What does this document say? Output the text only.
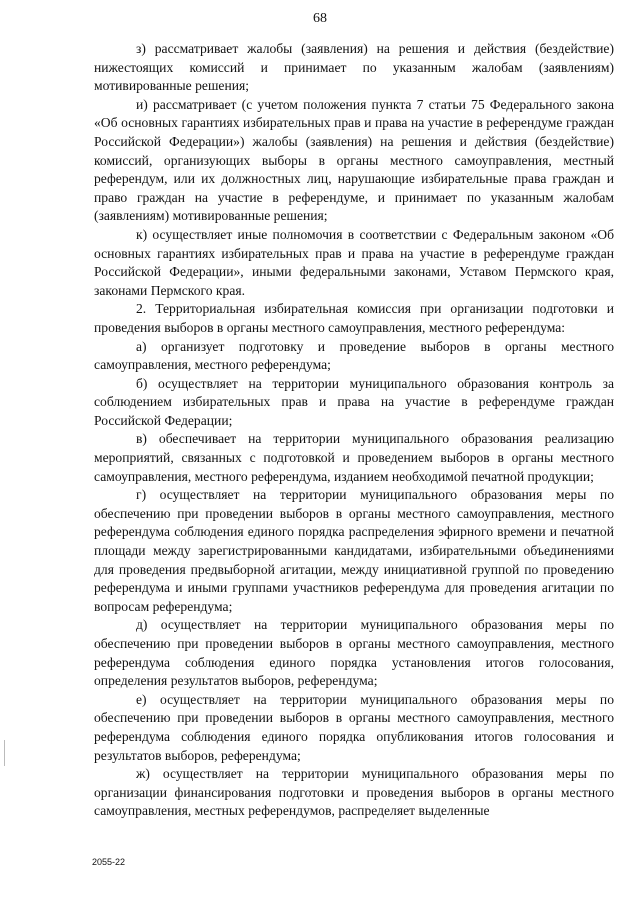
68

з) рассматривает жалобы (заявления) на решения и действия (бездействие) нижестоящих комиссий и принимает по указанным жалобам (заявлениям) мотивированные решения;

и) рассматривает (с учетом положения пункта 7 статьи 75 Федерального закона «Об основных гарантиях избирательных прав и права на участие в референдуме граждан Российской Федерации») жалобы (заявления) на решения и действия (бездействие) комиссий, организующих выборы в органы местного самоуправления, местный референдум, или их должностных лиц, нарушающие избирательные права граждан и право граждан на участие в референдуме, и принимает по указанным жалобам (заявлениям) мотивированные решения;

к) осуществляет иные полномочия в соответствии с Федеральным законом «Об основных гарантиях избирательных прав и права на участие в референдуме граждан Российской Федерации», иными федеральными законами, Уставом Пермского края, законами Пермского края.

2. Территориальная избирательная комиссия при организации подготовки и проведения выборов в органы местного самоуправления, местного референдума:

а) организует подготовку и проведение выборов в органы местного самоуправления, местного референдума;

б) осуществляет на территории муниципального образования контроль за соблюдением избирательных прав и права на участие в референдуме граждан Российской Федерации;

в) обеспечивает на территории муниципального образования реализацию мероприятий, связанных с подготовкой и проведением выборов в органы местного самоуправления, местного референдума, изданием необходимой печатной продукции;

г) осуществляет на территории муниципального образования меры по обеспечению при проведении выборов в органы местного самоуправления, местного референдума соблюдения единого порядка распределения эфирного времени и печатной площади между зарегистрированными кандидатами, избирательными объединениями для проведения предвыборной агитации, между инициативной группой по проведению референдума и иными группами участников референдума для проведения агитации по вопросам референдума;

д) осуществляет на территории муниципального образования меры по обеспечению при проведении выборов в органы местного самоуправления, местного референдума соблюдения единого порядка установления итогов голосования, определения результатов выборов, референдума;

е) осуществляет на территории муниципального образования меры по обеспечению при проведении выборов в органы местного самоуправления, местного референдума соблюдения единого порядка опубликования итогов голосования и результатов выборов, референдума;

ж) осуществляет на территории муниципального образования меры по организации финансирования подготовки и проведения выборов в органы местного самоуправления, местных референдумов, распределяет выделенные

2055-22
